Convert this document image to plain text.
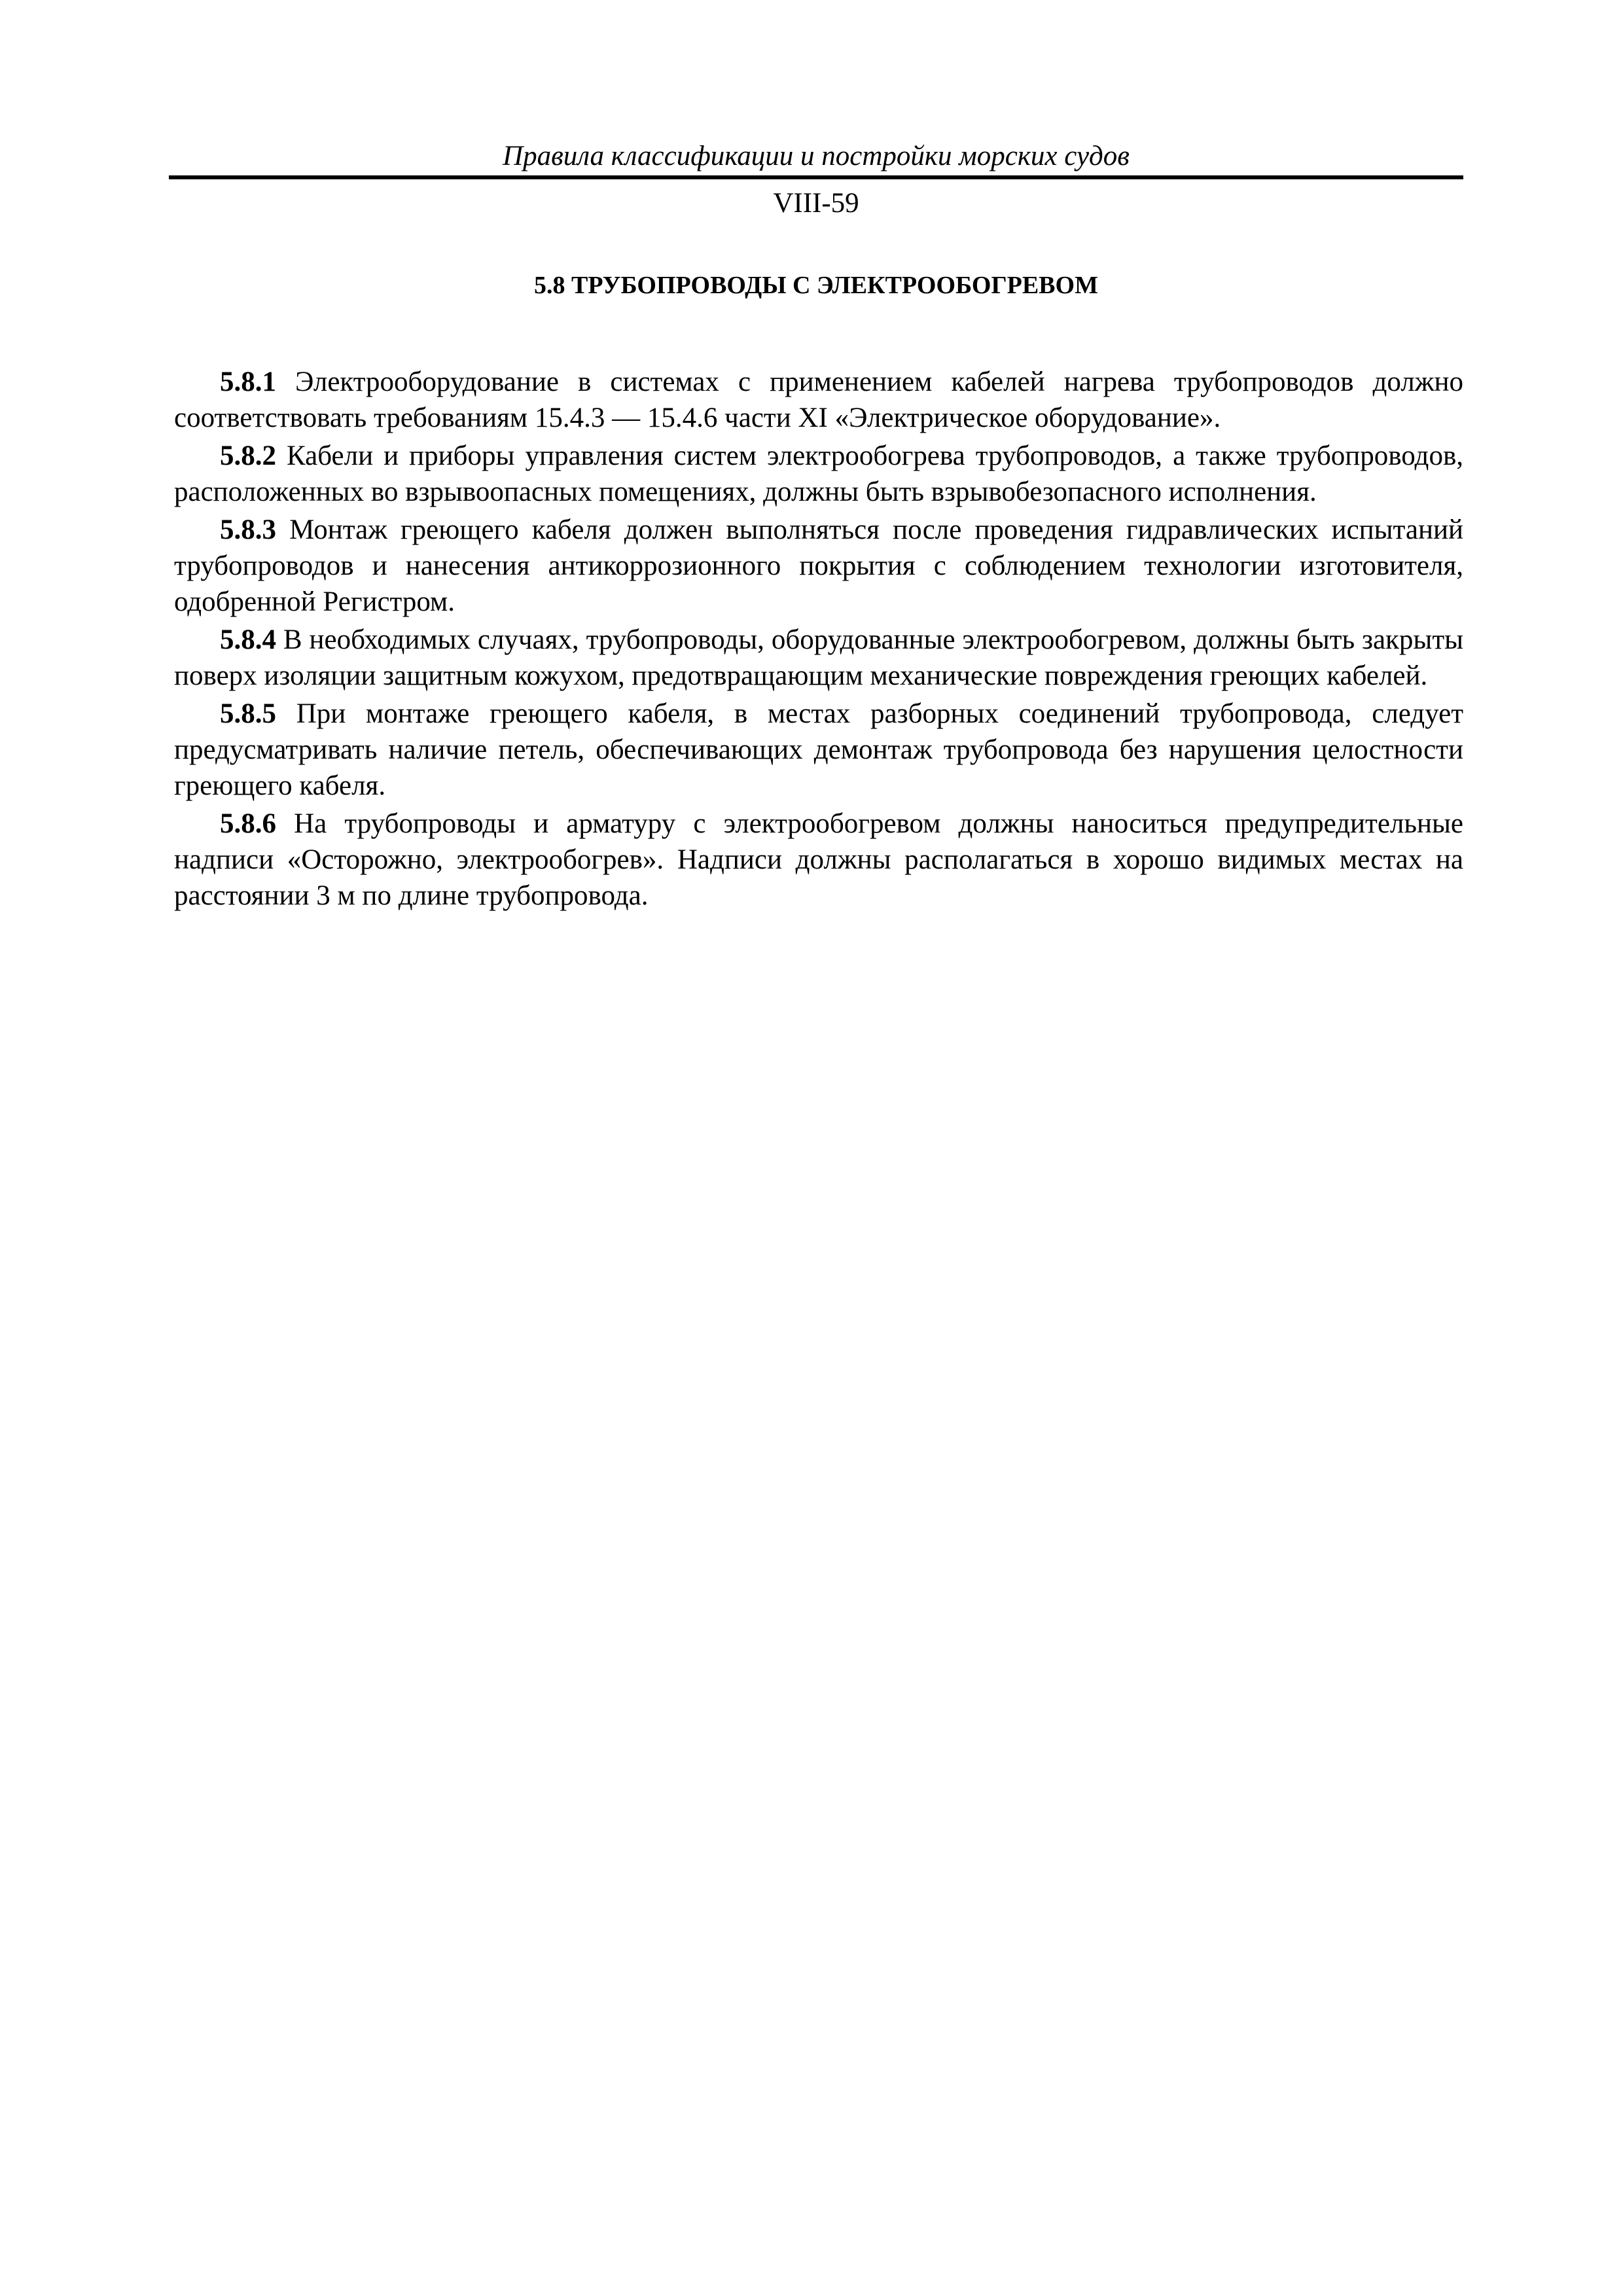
Правила классификации и постройки морских судов
VIII-59
5.8 ТРУБОПРОВОДЫ С ЭЛЕКТРООБОГРЕВОМ

5.8.1 Электрооборудование в системах с применением кабелей нагрева трубопроводов должно соответствовать требованиям 15.4.3 — 15.4.6 части XI «Электрическое оборудование».

5.8.2 Кабели и приборы управления систем электрообогрева трубопроводов, а также трубопроводов, расположенных во взрывоопасных помещениях, должны быть взрывобезопасного исполнения.

5.8.3 Монтаж греющего кабеля должен выполняться после проведения гидравлических испытаний трубопроводов и нанесения антикоррозионного покрытия с соблюдением технологии изготовителя, одобренной Регистром.

5.8.4 В необходимых случаях, трубопроводы, оборудованные электрообогревом, должны быть закрыты поверх изоляции защитным кожухом, предотвращающим механические повреждения греющих кабелей.

5.8.5 При монтаже греющего кабеля, в местах разборных соединений трубопровода, следует предусматривать наличие петель, обеспечивающих демонтаж трубопровода без нарушения целостности греющего кабеля.

5.8.6 На трубопроводы и арматуру с электрообогревом должны наноситься предупредительные надписи «Осторожно, электрообогрев». Надписи должны располагаться в хорошо видимых местах на расстоянии 3 м по длине трубопровода.
